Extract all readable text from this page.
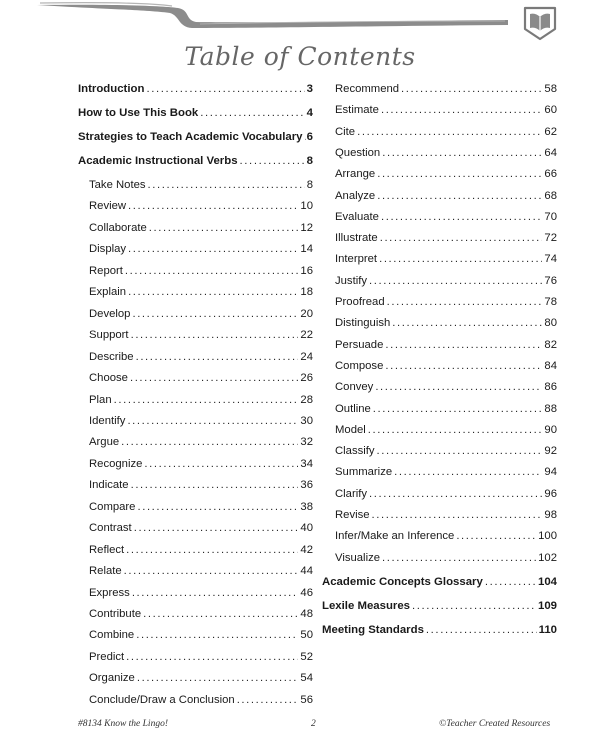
Table of Contents
Introduction .....	3
How to Use This Book .....	4
Strategies to Teach Academic Vocabulary ..... 6
Academic Instructional Verbs .....	8
Take Notes .....	8
Review .....	10
Collaborate .....	12
Display .....	14
Report .....	16
Explain .....	18
Develop .....	20
Support .....	22
Describe .....	24
Choose .....	26
Plan .....	28
Identify .....	30
Argue .....	32
Recognize .....	34
Indicate .....	36
Compare .....	38
Contrast .....	40
Reflect .....	42
Relate .....	44
Express .....	46
Contribute .....	48
Combine .....	50
Predict .....	52
Organize .....	54
Conclude/Draw a Conclusion .....	56
Recommend .....	58
Estimate .....	60
Cite .....	62
Question .....	64
Arrange .....	66
Analyze .....	68
Evaluate .....	70
Illustrate .....	72
Interpret .....	74
Justify .....	76
Proofread .....	78
Distinguish .....	80
Persuade .....	82
Compose .....	84
Convey .....	86
Outline .....	88
Model .....	90
Classify .....	92
Summarize .....	94
Clarify .....	96
Revise .....	98
Infer/Make an Inference .....	100
Visualize .....	102
Academic Concepts Glossary .....	104
Lexile Measures .....	109
Meeting Standards .....	110
#8134 Know the Lingo!	2	©Teacher Created Resources
